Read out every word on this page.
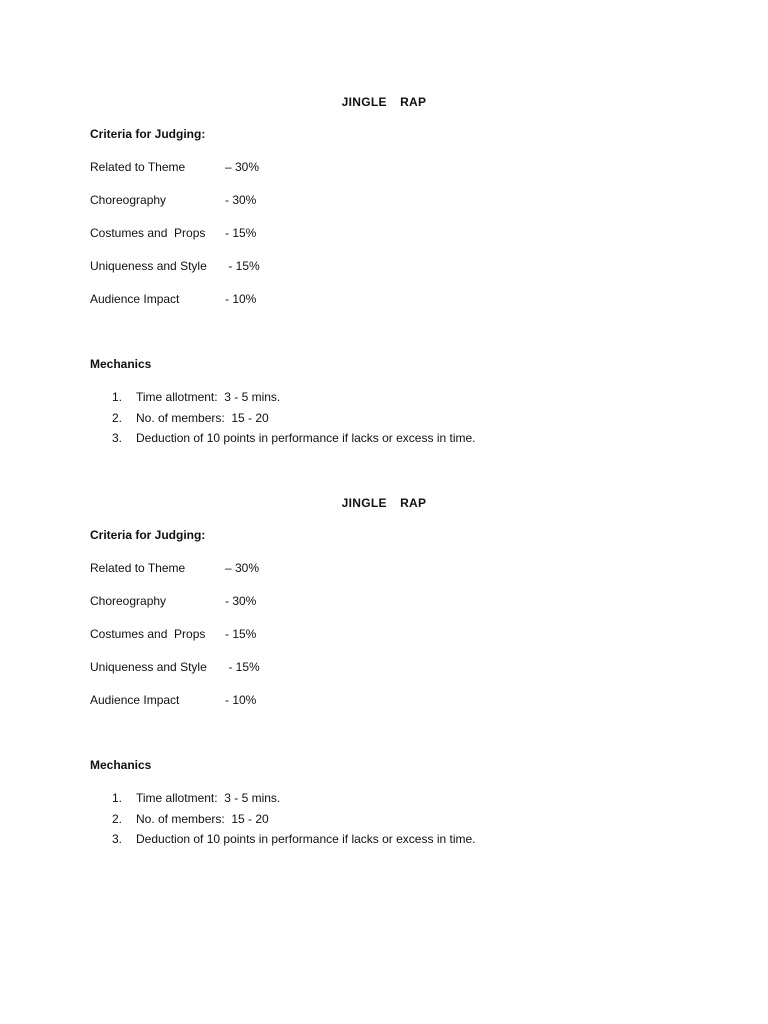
JINGLE  RAP
Criteria for Judging:
Related to Theme	– 30%
Choreography	- 30%
Costumes and  Props - 15%
Uniqueness and Style - 15%
Audience Impact	- 10%
Mechanics
1. Time allotment:  3 - 5 mins.
2. No. of members:  15 - 20
3. Deduction of 10 points in performance if lacks or excess in time.
JINGLE  RAP
Criteria for Judging:
Related to Theme	– 30%
Choreography	- 30%
Costumes and  Props - 15%
Uniqueness and Style - 15%
Audience Impact	- 10%
Mechanics
1. Time allotment:  3 - 5 mins.
2. No. of members:  15 - 20
3. Deduction of 10 points in performance if lacks or excess in time.
